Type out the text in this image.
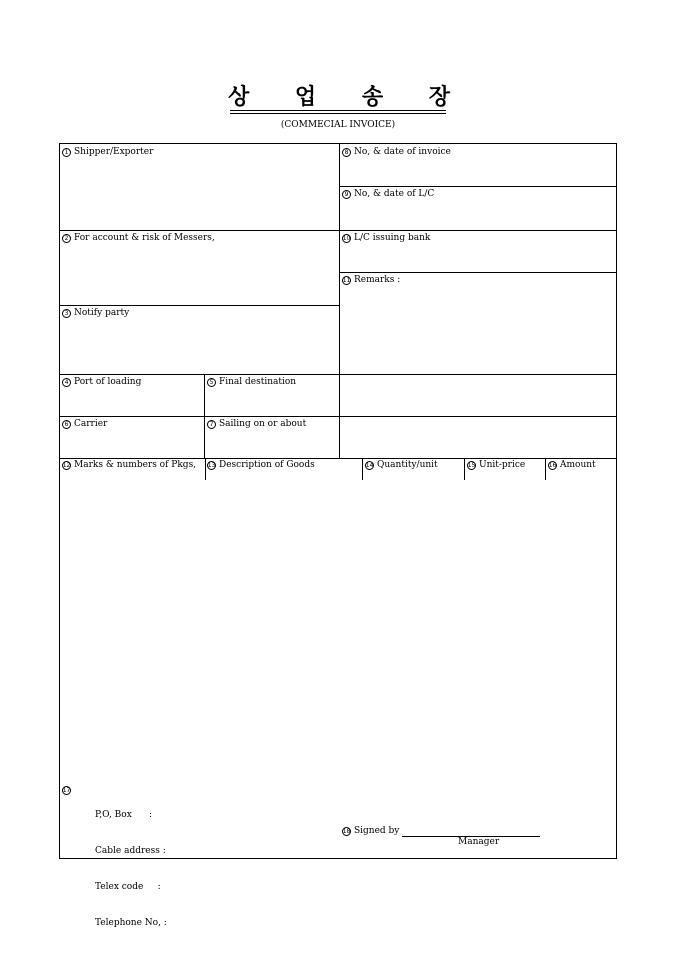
상 업 송 장
(COMMECIAL INVOICE)
1 Shipper/Exporter	8 No, & date of invoice
9 No, & date of L/C
2 For account & risk of Messers,	10 L/C issuing bank
11 Remarks :
3 Notify party
4 Port of loading	5 Final destination
6 Carrier	7 Sailing on or about
12 Marks & numbers of Pkgs, 13 Description of Goods	14 Quantity/unit	15 Unit-price	16 Amount
17

P,O, Box      :

Cable address :

Telex code     :

Telephone No, :

18 Signed by
Manager
